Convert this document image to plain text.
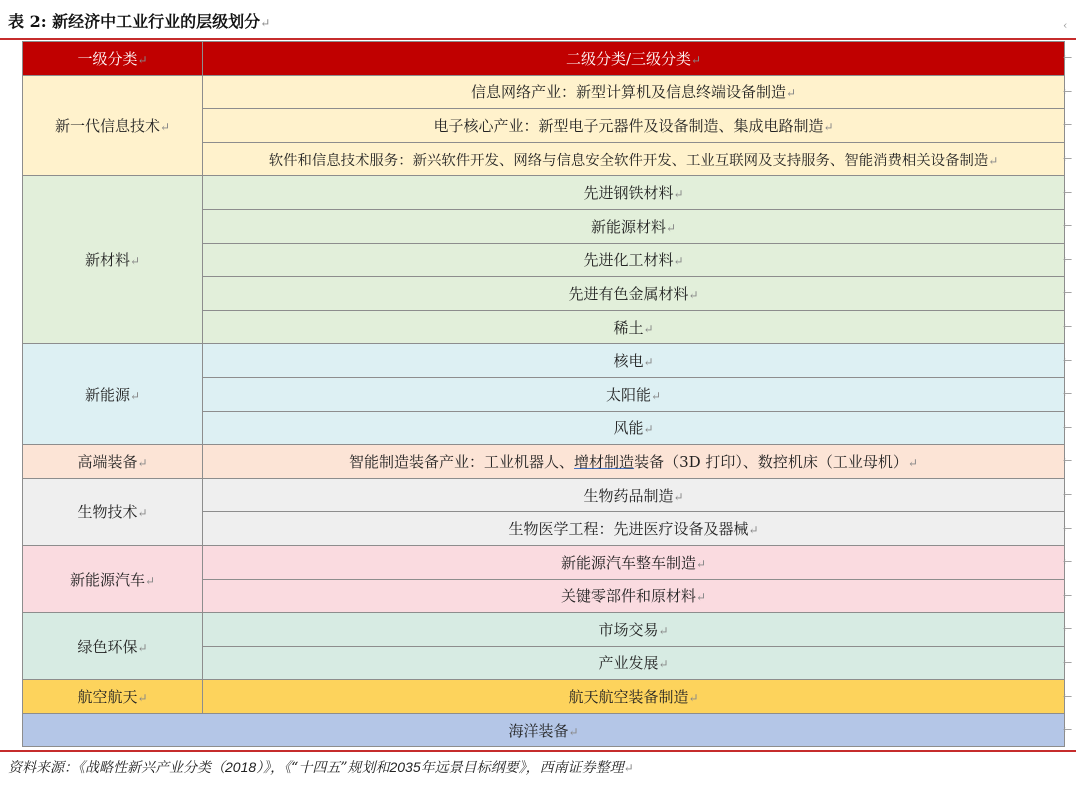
表 2: 新经济中工业行业的层级划分↵
一级分类↵	二级分类/三级分类↵
新一代信息技术↵	信息网络产业：新型计算机及信息终端设备制造↵
	电子核心产业：新型电子元器件及设备制造、集成电路制造↵
	软件和信息技术服务：新兴软件开发、网络与信息安全软件开发、工业互联网及支持服务、智能消费相关设备制造↵
新材料↵	先进钢铁材料↵
	新能源材料↵
	先进化工材料↵
	先进有色金属材料↵
	稀土↵
新能源↵	核电↵
	太阳能↵
	风能↵
高端装备↵	智能制造装备产业：工业机器人、增材制造装备（3D 打印）、数控机床（工业母机）↵
生物技术↵	生物药品制造↵
	生物医学工程：先进医疗设备及器械↵
新能源汽车↵	新能源汽车整车制造↵
	关键零部件和原材料↵
绿色环保↵	市场交易↵
	产业发展↵
航空航天↵	航天航空装备制造↵
海洋装备↵	
资料来源：《战略性新兴产业分类（2018）》，《“十四五”规划和2035年远景目标纲要》，西南证券整理↵
‹
←
←
←
←
←
←
←
←
←
←
←
←
←
←
←
←
←
←
←
←
←
